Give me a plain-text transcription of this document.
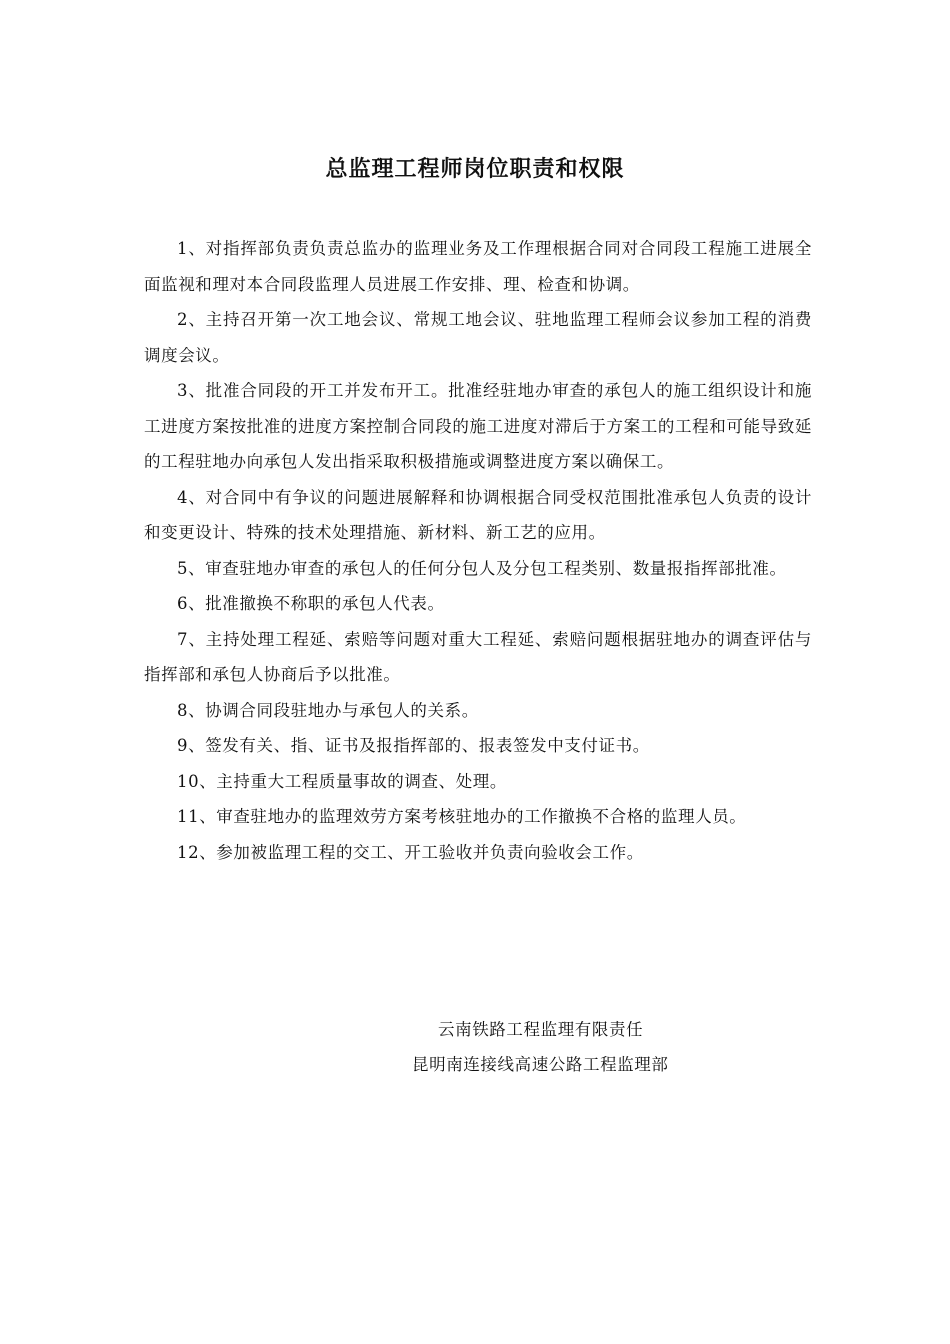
总监理工程师岗位职责和权限

1、对指挥部负责负责总监办的监理业务及工作理根据合同对合同段工程施工进展全面监视和理对本合同段监理人员进展工作安排、理、检查和协调。

2、主持召开第一次工地会议、常规工地会议、驻地监理工程师会议参加工程的消费调度会议。

3、批准合同段的开工并发布开工。批准经驻地办审查的承包人的施工组织设计和施工进度方案按批准的进度方案控制合同段的施工进度对滞后于方案工的工程和可能导致延的工程驻地办向承包人发出指采取积极措施或调整进度方案以确保工。

4、对合同中有争议的问题进展解释和协调根据合同受权范围批准承包人负责的设计和变更设计、特殊的技术处理措施、新材料、新工艺的应用。

5、审查驻地办审查的承包人的任何分包人及分包工程类别、数量报指挥部批准。

6、批准撤换不称职的承包人代表。

7、主持处理工程延、索赔等问题对重大工程延、索赔问题根据驻地办的调查评估与指挥部和承包人协商后予以批准。

8、协调合同段驻地办与承包人的关系。

9、签发有关、指、证书及报指挥部的、报表签发中支付证书。

10、主持重大工程质量事故的调查、处理。

11、审查驻地办的监理效劳方案考核驻地办的工作撤换不合格的监理人员。

12、参加被监理工程的交工、开工验收并负责向验收会工作。

云南铁路工程监理有限责任

昆明南连接线高速公路工程监理部
